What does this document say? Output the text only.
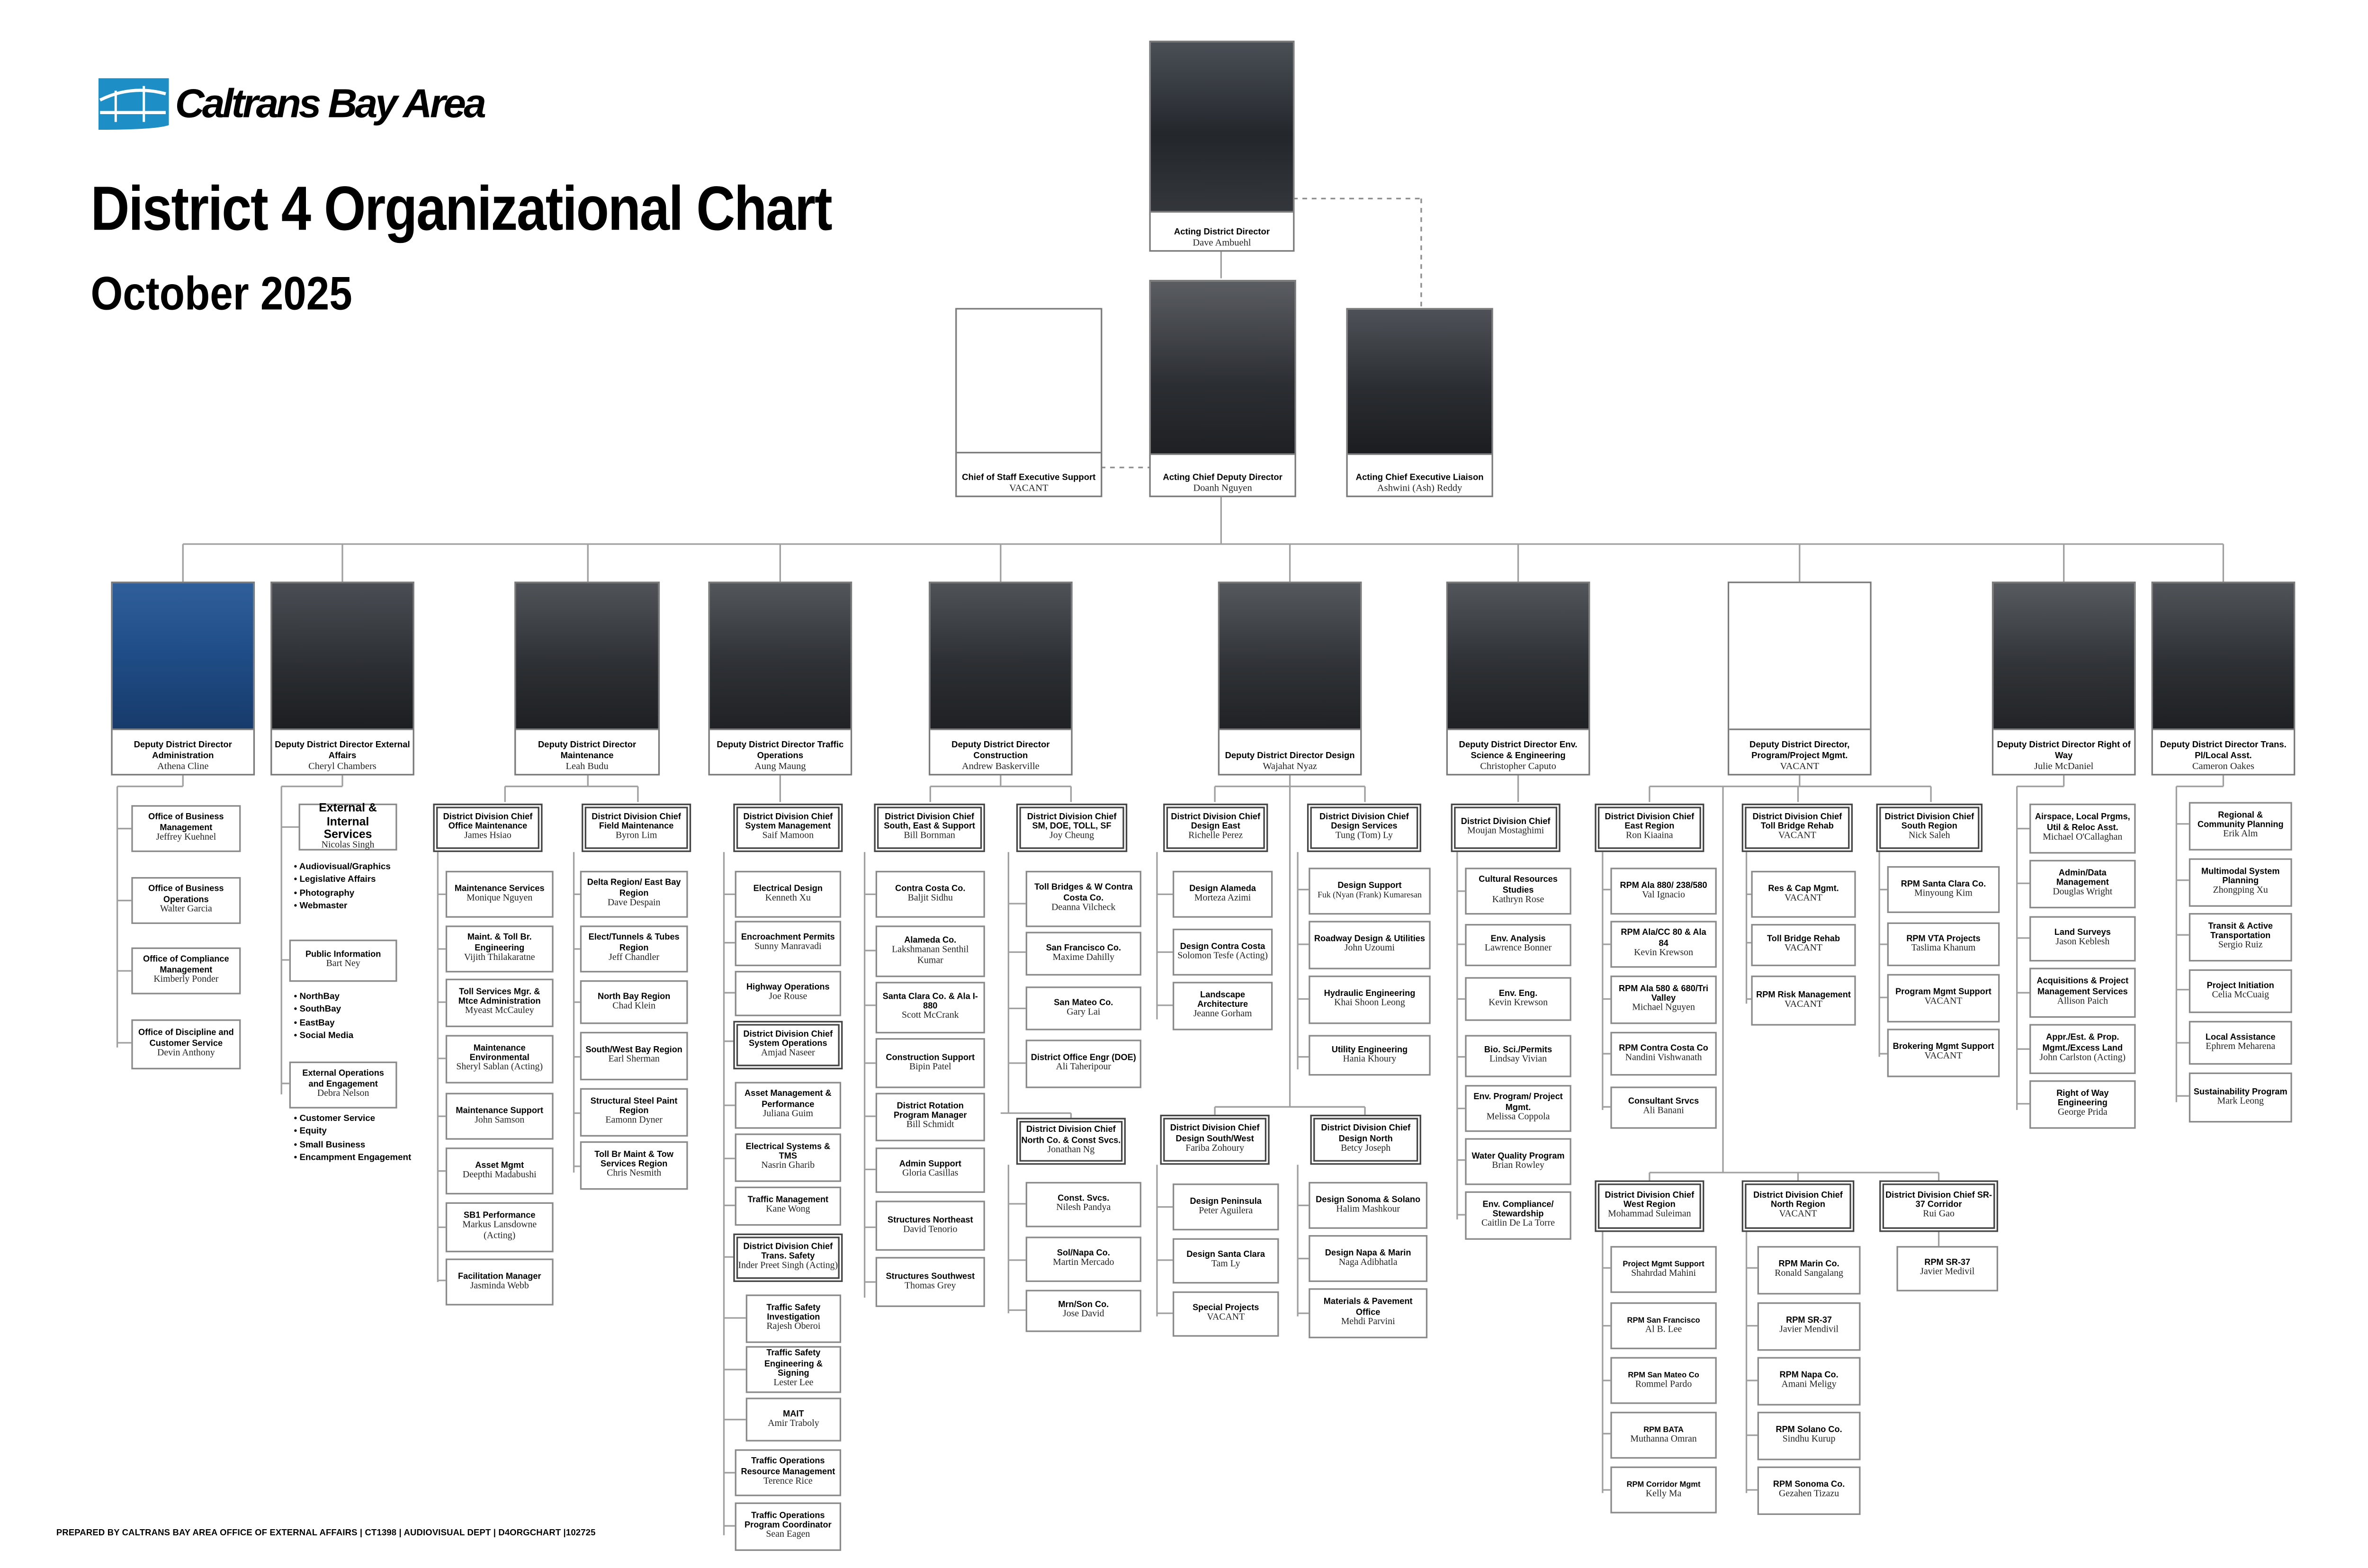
Caltrans Bay Area
District 4 Organizational Chart
October 2025
PREPARED BY CALTRANS BAY AREA OFFICE OF EXTERNAL AFFAIRS | CT1398 | AUDIOVISUAL DEPT | D4ORGCHART |102725
Acting District Director
Dave Ambuehl
Chief of Staff Executive Support
VACANT
Acting Chief Deputy Director
Doanh Nguyen
Acting Chief Executive Liaison
Ashwini (Ash) Reddy
Deputy District Director Administration
Athena Cline
Deputy District Director External Affairs
Cheryl Chambers
Deputy District Director Maintenance
Leah Budu
Deputy District Director Traffic Operations
Aung Maung
Deputy District Director Construction
Andrew Baskerville
Deputy District Director Design
Wajahat Nyaz
Deputy District Director Env. Science & Engineering
Christopher Caputo
Deputy District Director, Program/Project Mgmt.
VACANT
Deputy District Director Right of Way
Julie McDaniel
Deputy District Director Trans. Pl/Local Asst.
Cameron Oakes
Office of Business Management
Jeffrey Kuehnel
Office of Business Operations
Walter Garcia
Office of Compliance Management
Kimberly Ponder
Office of Discipline and Customer Service
Devin Anthony
External & Internal Services
Nicolas Singh
• Audiovisual/Graphics
• Legislative Affairs
• Photography
• Webmaster
Public Information
Bart Ney
• NorthBay
• SouthBay
• EastBay
• Social Media
External Operations and Engagement
Debra Nelson
• Customer Service
• Equity
• Small Business
• Encampment Engagement
District Division Chief Office Maintenance
James Hsiao
District Division Chief Field Maintenance
Byron Lim
Maintenance Services
Monique Nguyen
Maint. & Toll Br. Engineering
Vijith Thilakaratne
Toll Services Mgr. & Mtce Administration
Myeast McCauley
Maintenance Environmental
Sheryl Sablan (Acting)
Maintenance Support
John Samson
Asset Mgmt
Deepthi Madabushi
SB1 Performance
Markus Lansdowne (Acting)
Facilitation Manager
Jasminda Webb
Delta Region/ East Bay Region
Dave Despain
Elect/Tunnels & Tubes Region
Jeff Chandler
North Bay Region
Chad Klein
South/West Bay Region
Earl Sherman
Structural Steel Paint Region
Eamonn Dyner
Toll Br Maint & Tow Services Region
Chris Nesmith
District Division Chief System Management
Saif Mamoon
Electrical Design
Kenneth Xu
Encroachment Permits
Sunny Manravadi
Highway Operations
Joe Rouse
District Division Chief System Operations
Amjad Naseer
Asset Management & Performance
Juliana Guim
Electrical Systems & TMS
Nasrin Gharib
Traffic Management
Kane Wong
District Division Chief Trans. Safety
Inder Preet Singh (Acting)
Traffic Safety Investigation
Rajesh Oberoi
Traffic Safety Engineering & Signing
Lester Lee
MAIT
Amir Traboly
Traffic Operations Resource Management
Terence Rice
Traffic Operations Program Coordinator
Sean Eagen
District Division Chief South, East & Support
Bill Bornman
Contra Costa Co.
Baljit Sidhu
Alameda Co.
Lakshmanan Senthil Kumar
Santa Clara Co. & Ala I-880
Scott McCrank
Construction Support
Bipin Patel
District Rotation Program Manager
Bill Schmidt
Admin Support
Gloria Casillas
Structures Northeast
David Tenorio
Structures Southwest
Thomas Grey
District Division Chief SM, DOE, TOLL, SF
Joy Cheung
Toll Bridges & W Contra Costa Co.
Deanna Vilcheck
San Francisco Co.
Maxime Dahilly
San Mateo Co.
Gary Lai
District Office Engr (DOE)
Ali Taheripour
District Division Chief North Co. & Const Svcs.
Jonathan Ng
Const. Svcs.
Nilesh Pandya
Sol/Napa Co.
Martin Mercado
Mrn/Son Co.
Jose David
District Division Chief Design East
Richelle Perez
Design Alameda
Morteza Azimi
Design Contra Costa
Solomon Tesfe (Acting)
Landscape Architecture
Jeanne Gorham
District Division Chief Design Services
Tung (Tom) Ly
Design Support
Fuk (Nyan (Frank) Kumaresan
Roadway Design & Utilities
John Uzoumi
Hydraulic Engineering
Khai Shoon Leong
Utility Engineering
Hania Khoury
District Division Chief Design South/West
Fariba Zohoury
Design Peninsula
Peter Aguilera
Design Santa Clara
Tam Ly
Special Projects
VACANT
District Division Chief Design North
Betcy Joseph
Design Sonoma & Solano
Halim Mashkour
Design Napa & Marin
Naga Adibhatla
Materials & Pavement Office
Mehdi Parvini
District Division Chief
Moujan Mostaghimi
Cultural Resources Studies
Kathryn Rose
Env. Analysis
Lawrence Bonner
Env. Eng.
Kevin Krewson
Bio. Sci./Permits
Lindsay Vivian
Env. Program/ Project Mgmt.
Melissa Coppola
Water Quality Program
Brian Rowley
Env. Compliance/ Stewardship
Caitlin De La Torre
District Division Chief East Region
Ron Kiaaina
RPM Ala 880/ 238/580
Val Ignacio
RPM Ala/CC 80 & Ala 84
Kevin Krewson
RPM Ala 580 & 680/Tri Valley
Michael Nguyen
RPM Contra Costa Co
Nandini Vishwanath
Consultant Srvcs
Ali Banani
District Division Chief Toll Bridge Rehab
VACANT
Res & Cap Mgmt.
VACANT
Toll Bridge Rehab
VACANT
RPM Risk Management
VACANT
District Division Chief South Region
Nick Saleh
RPM Santa Clara Co.
Minyoung Kim
RPM VTA Projects
Taslima Khanum
Program Mgmt Support
VACANT
Brokering Mgmt Support
VACANT
District Division Chief West Region
Mohammad Suleiman
Project Mgmt Support
Shahrdad Mahini
RPM San Francisco
Al B. Lee
RPM San Mateo Co
Rommel Pardo
RPM BATA
Muthanna Omran
RPM Corridor Mgmt
Kelly Ma
District Division Chief North Region
VACANT
RPM Marin Co.
Ronald Sangalang
RPM SR-37
Javier Mendivil
RPM Napa Co.
Amani Meligy
RPM Solano Co.
Sindhu Kurup
RPM Sonoma Co.
Gezahen Tizazu
District Division Chief SR-37 Corridor
Rui Gao
RPM SR-37
Javier Medivil
Airspace, Local Prgms, Util & Reloc Asst.
Michael O'Callaghan
Admin/Data Management
Douglas Wright
Land Surveys
Jason Keblesh
Acquisitions & Project Management Services
Allison Paich
Appr./Est. & Prop. Mgmt./Excess Land
John Carlston (Acting)
Right of Way Engineering
George Prida
Regional & Community Planning
Erik Alm
Multimodal System Planning
Zhongping Xu
Transit & Active Transportation
Sergio Ruiz
Project Initiation
Celia McCuaig
Local Assistance
Ephrem Meharena
Sustainability Program
Mark Leong
